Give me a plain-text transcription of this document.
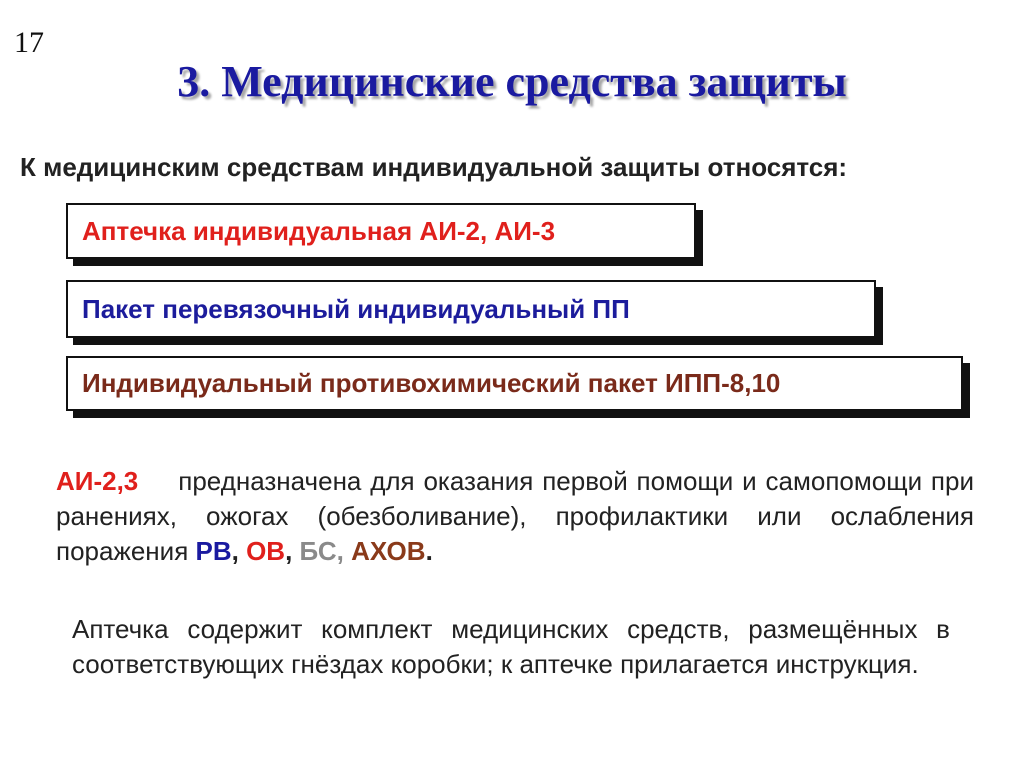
17
3. Медицинские средства защиты
К медицинским средствам индивидуальной защиты относятся:
Аптечка индивидуальная АИ-2, АИ-3
Пакет перевязочный индивидуальный ПП
Индивидуальный противохимический пакет ИПП-8,10
АИ-2,3 предназначена для оказания первой помощи и самопомощи при ранениях, ожогах (обезболивание), профилактики или ослабления поражения РВ, ОВ, БС, АХОВ.
Аптечка содержит комплект медицинских средств, размещённых в соответствующих гнёздах коробки; к аптечке прилагается инструкция.
